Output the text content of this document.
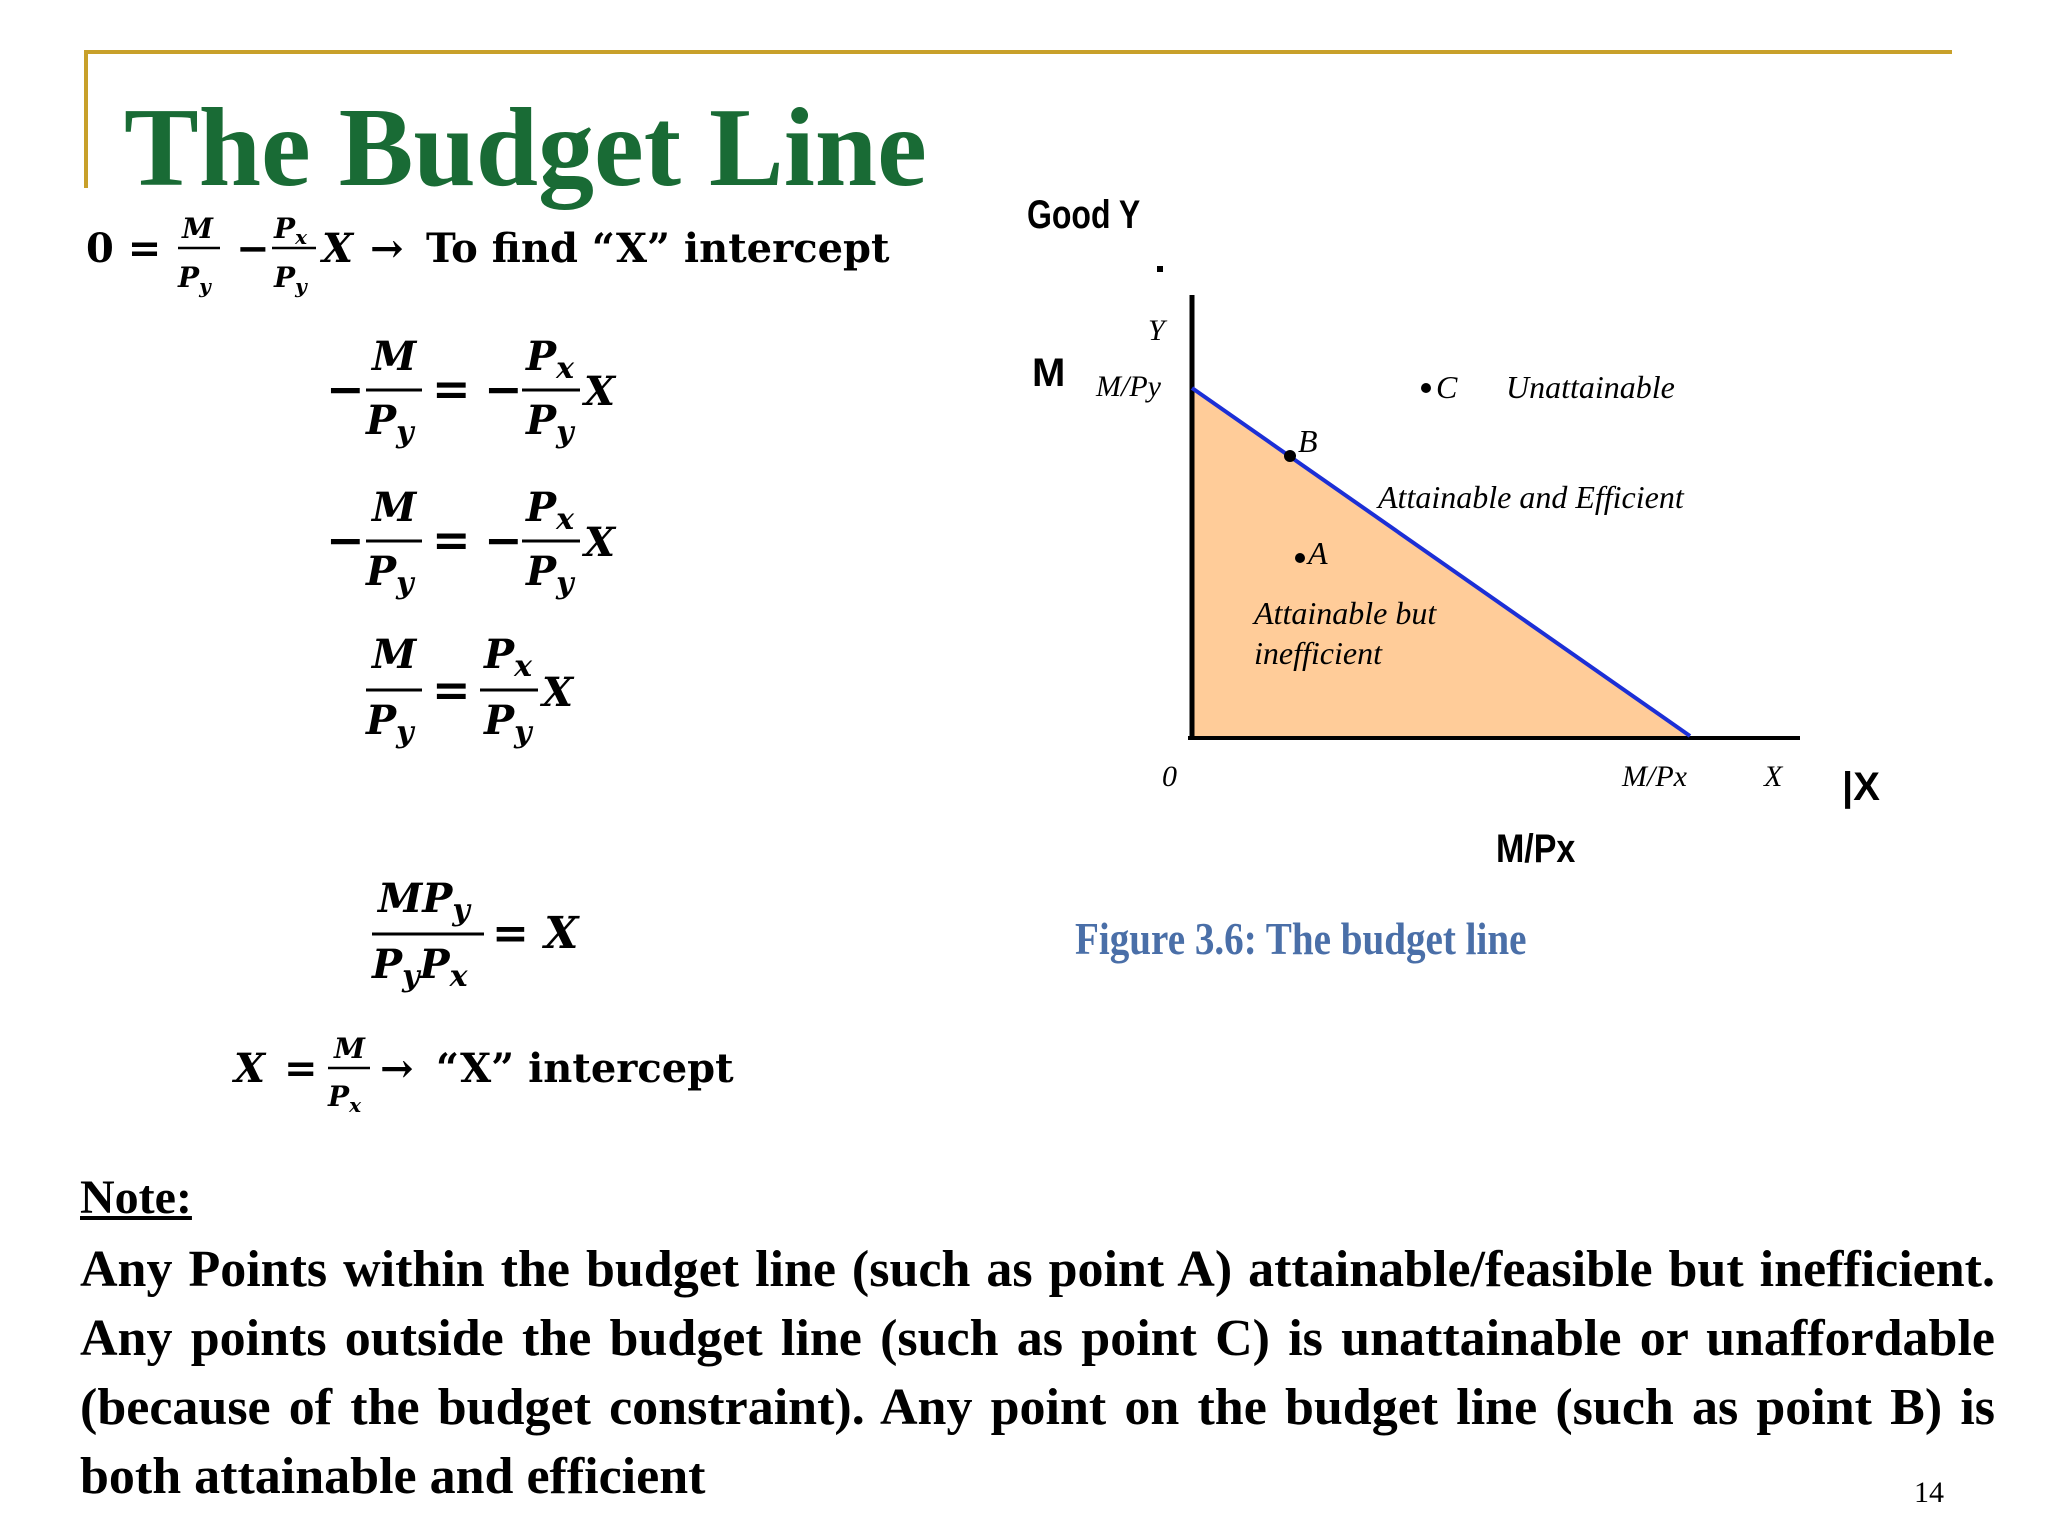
The Budget Line
0 = M
$P_y$
− $P_x$
$P_y$
X → To find “X” intercept
−
M
$P_y$
= −
$P_x$
$P_y$
X
−
M
$P_y$
= −
$P_x$
$P_y$
X
M
$P_y$
=
$P_x$
$P_y$
X
$MP_y$
$P_yP_x$
= X
X = M
$P_x$
→ “X” intercept
Good Y
M
|X
M/Px
Y
M/Py
0	M/Px	X
B
A
C Unattainable
Attainable and Efficient
Attainable but
inefficient
Figure 3.6: The budget line
Note:

Any Points within the budget line (such as point A) attainable/feasible but inefficient. Any points outside the budget line (such as point C) is unattainable or unaffordable (because of the budget constraint). Any point on the budget line (such as point B) is both attainable and efficient	14
